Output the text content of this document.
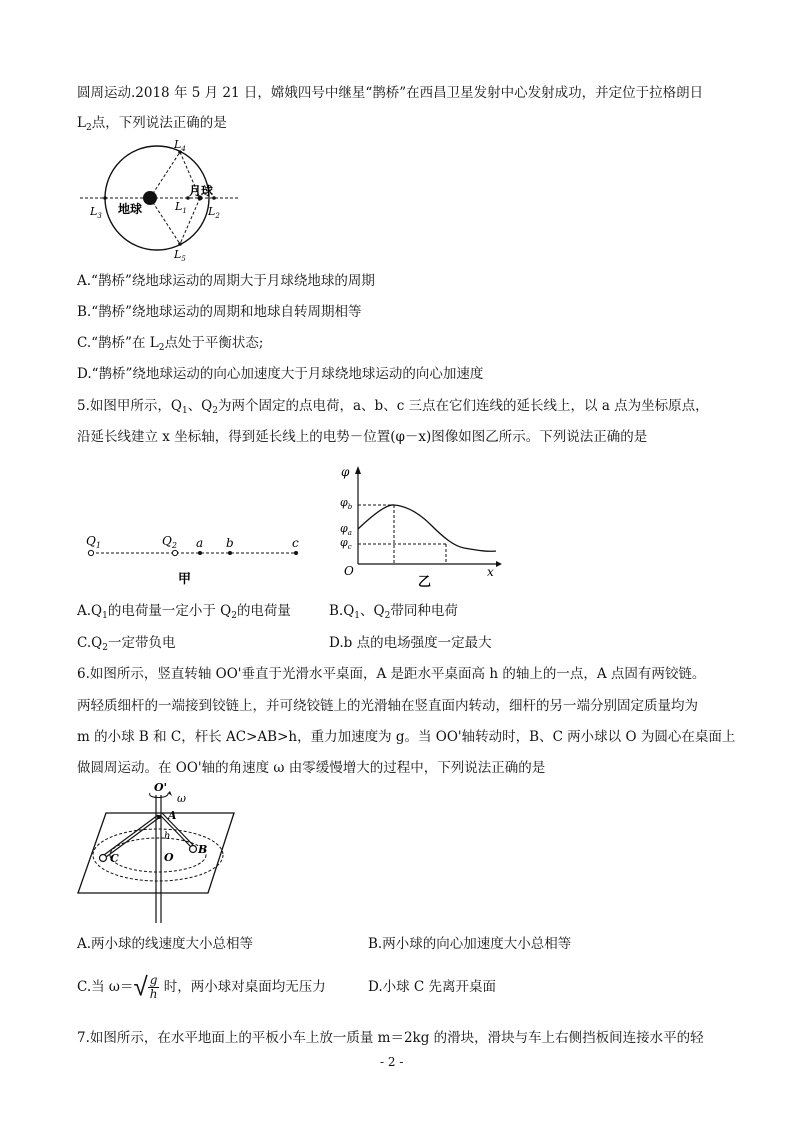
圆周运动.2018 年 5 月 21 日，嫦娥四号中继星“鹊桥”在西昌卫星发射中心发射成功，并定位于拉格朗日
$L_2$点，下列说法正确的是
地球
月球
$L_4$
$L_5$
$L_1$ $L_2$
$L_3$
A.“鹊桥”绕地球运动的周期大于月球绕地球的周期
B.“鹊桥”绕地球运动的周期和地球自转周期相等
C.“鹊桥”在 $L_2$点处于平衡状态;
D.“鹊桥”绕地球运动的向心加速度大于月球绕地球运动的向心加速度
5.如图甲所示，$Q_1$、$Q_2$为两个固定的点电荷，a、b、c 三点在它们连线的延长线上，以 a 点为坐标原点，
沿延长线建立 x 坐标轴，得到延长线上的电势－位置(φ－x)图像如图乙所示。下列说法正确的是
$Q_1$	$Q_2$ a b	c
甲
φ
$\varphi_b$
$\varphi_a$
$\varphi_c$
O	x
乙
$A.Q_1$的电荷量一定小于 $Q_2$的电荷量	$B.Q_1$、$Q_2$带同种电荷
$C.Q_2$一定带负电	D.b 点的电场强度一定最大
6.如图所示，竖直转轴 OO'垂直于光滑水平桌面，A 是距水平桌面高 h 的轴上的一点，A 点固有两铰链。
两轻质细杆的一端接到铰链上，并可绕铰链上的光滑轴在竖直面内转动，细杆的另一端分别固定质量均为
m 的小球 B 和 C，杆长 AC>AB>h，重力加速度为 g。当 OO'轴转动时，B、C 两小球以 O 为圆心在桌面上
做圆周运动。在 OO'轴的角速度 ω 由零缓慢增大的过程中，下列说法正确的是
O'
ω
A
h
O
B
C
A.两小球的线速度大小总相等	B.两小球的向心加速度大小总相等
C.当 $\omega=√ \frac{g}{h}$ 时，两小球对桌面均无压力	D.小球 C 先离开桌面
7.如图所示，在水平地面上的平板小车上放一质量 m＝2kg 的滑块，滑块与车上右侧挡板间连接水平的轻
- 2 -
